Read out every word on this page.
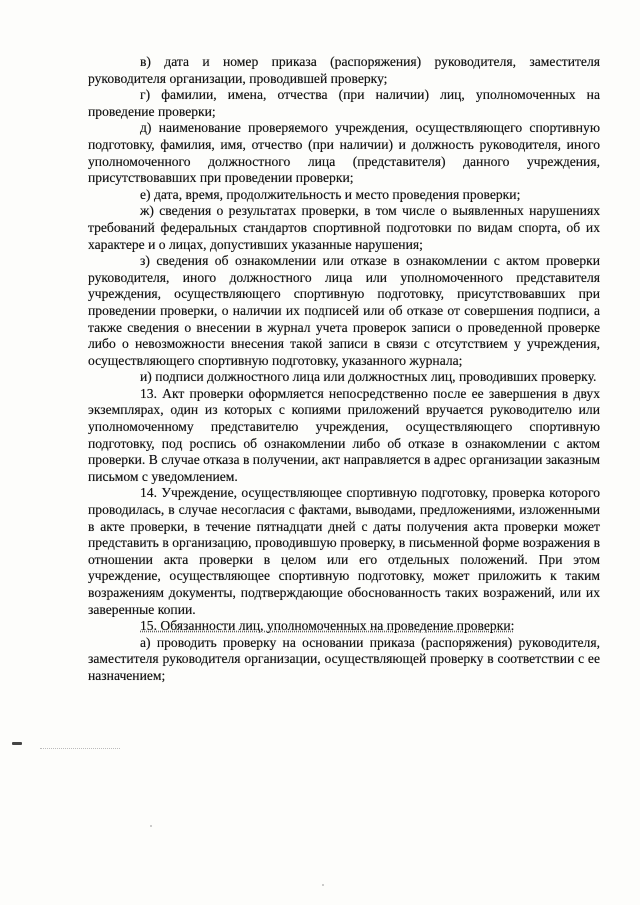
в) дата и номер приказа (распоряжения) руководителя, заместителя руководителя организации, проводившей проверку;

г) фамилии, имена, отчества (при наличии) лиц, уполномоченных на проведение проверки;

д) наименование проверяемого учреждения, осуществляющего спортивную подготовку, фамилия, имя, отчество (при наличии) и должность руководителя, иного уполномоченного должностного лица (представителя) данного учреждения, присутствовавших при проведении проверки;

е) дата, время, продолжительность и место проведения проверки;

ж) сведения о результатах проверки, в том числе о выявленных нарушениях требований федеральных стандартов спортивной подготовки по видам спорта, об их характере и о лицах, допустивших указанные нарушения;

з) сведения об ознакомлении или отказе в ознакомлении с актом проверки руководителя, иного должностного лица или уполномоченного представителя учреждения, осуществляющего спортивную подготовку, присутствовавших при проведении проверки, о наличии их подписей или об отказе от совершения подписи, а также сведения о внесении в журнал учета проверок записи о проведенной проверке либо о невозможности внесения такой записи в связи с отсутствием у учреждения, осуществляющего спортивную подготовку, указанного журнала;

и) подписи должностного лица или должностных лиц, проводивших проверку.

13. Акт проверки оформляется непосредственно после ее завершения в двух экземплярах, один из которых с копиями приложений вручается руководителю или уполномоченному представителю учреждения, осуществляющего спортивную подготовку, под роспись об ознакомлении либо об отказе в ознакомлении с актом проверки. В случае отказа в получении, акт направляется в адрес организации заказным письмом с уведомлением.

14. Учреждение, осуществляющее спортивную подготовку, проверка которого проводилась, в случае несогласия с фактами, выводами, предложениями, изложенными в акте проверки, в течение пятнадцати дней с даты получения акта проверки может представить в организацию, проводившую проверку, в письменной форме возражения в отношении акта проверки в целом или его отдельных положений. При этом учреждение, осуществляющее спортивную подготовку, может приложить к таким возражениям документы, подтверждающие обоснованность таких возражений, или их заверенные копии.

15. Обязанности лиц, уполномоченных на проведение проверки:

а) проводить проверку на основании приказа (распоряжения) руководителя, заместителя руководителя организации, осуществляющей проверку в соответствии с ее назначением;
